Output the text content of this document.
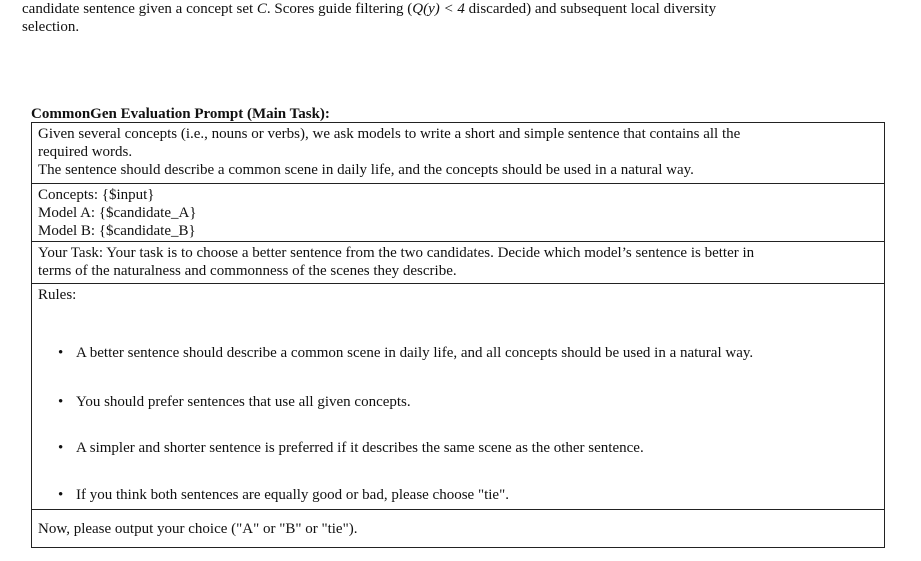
candidate sentence given a concept set C. Scores guide filtering (Q(y) < 4 discarded) and subsequent local diversity
selection.
CommonGen Evaluation Prompt (Main Task):

Given several concepts (i.e., nouns or verbs), we ask models to write a short and simple sentence that contains all the

required words.

The sentence should describe a common scene in daily life, and the concepts should be used in a natural way.

Concepts: {$input}

Model A: {$candidate_A}

Model B: {$candidate_B}

Your Task: Your task is to choose a better sentence from the two candidates. Decide which model’s sentence is better in

terms of the naturalness and commonness of the scenes they describe.

Rules:

• A better sentence should describe a common scene in daily life, and all concepts should be used in a natural way.
• You should prefer sentences that use all given concepts.
• A simpler and shorter sentence is preferred if it describes the same scene as the other sentence.
• If you think both sentences are equally good or bad, please choose "tie".

Now, please output your choice ("A" or "B" or "tie").
